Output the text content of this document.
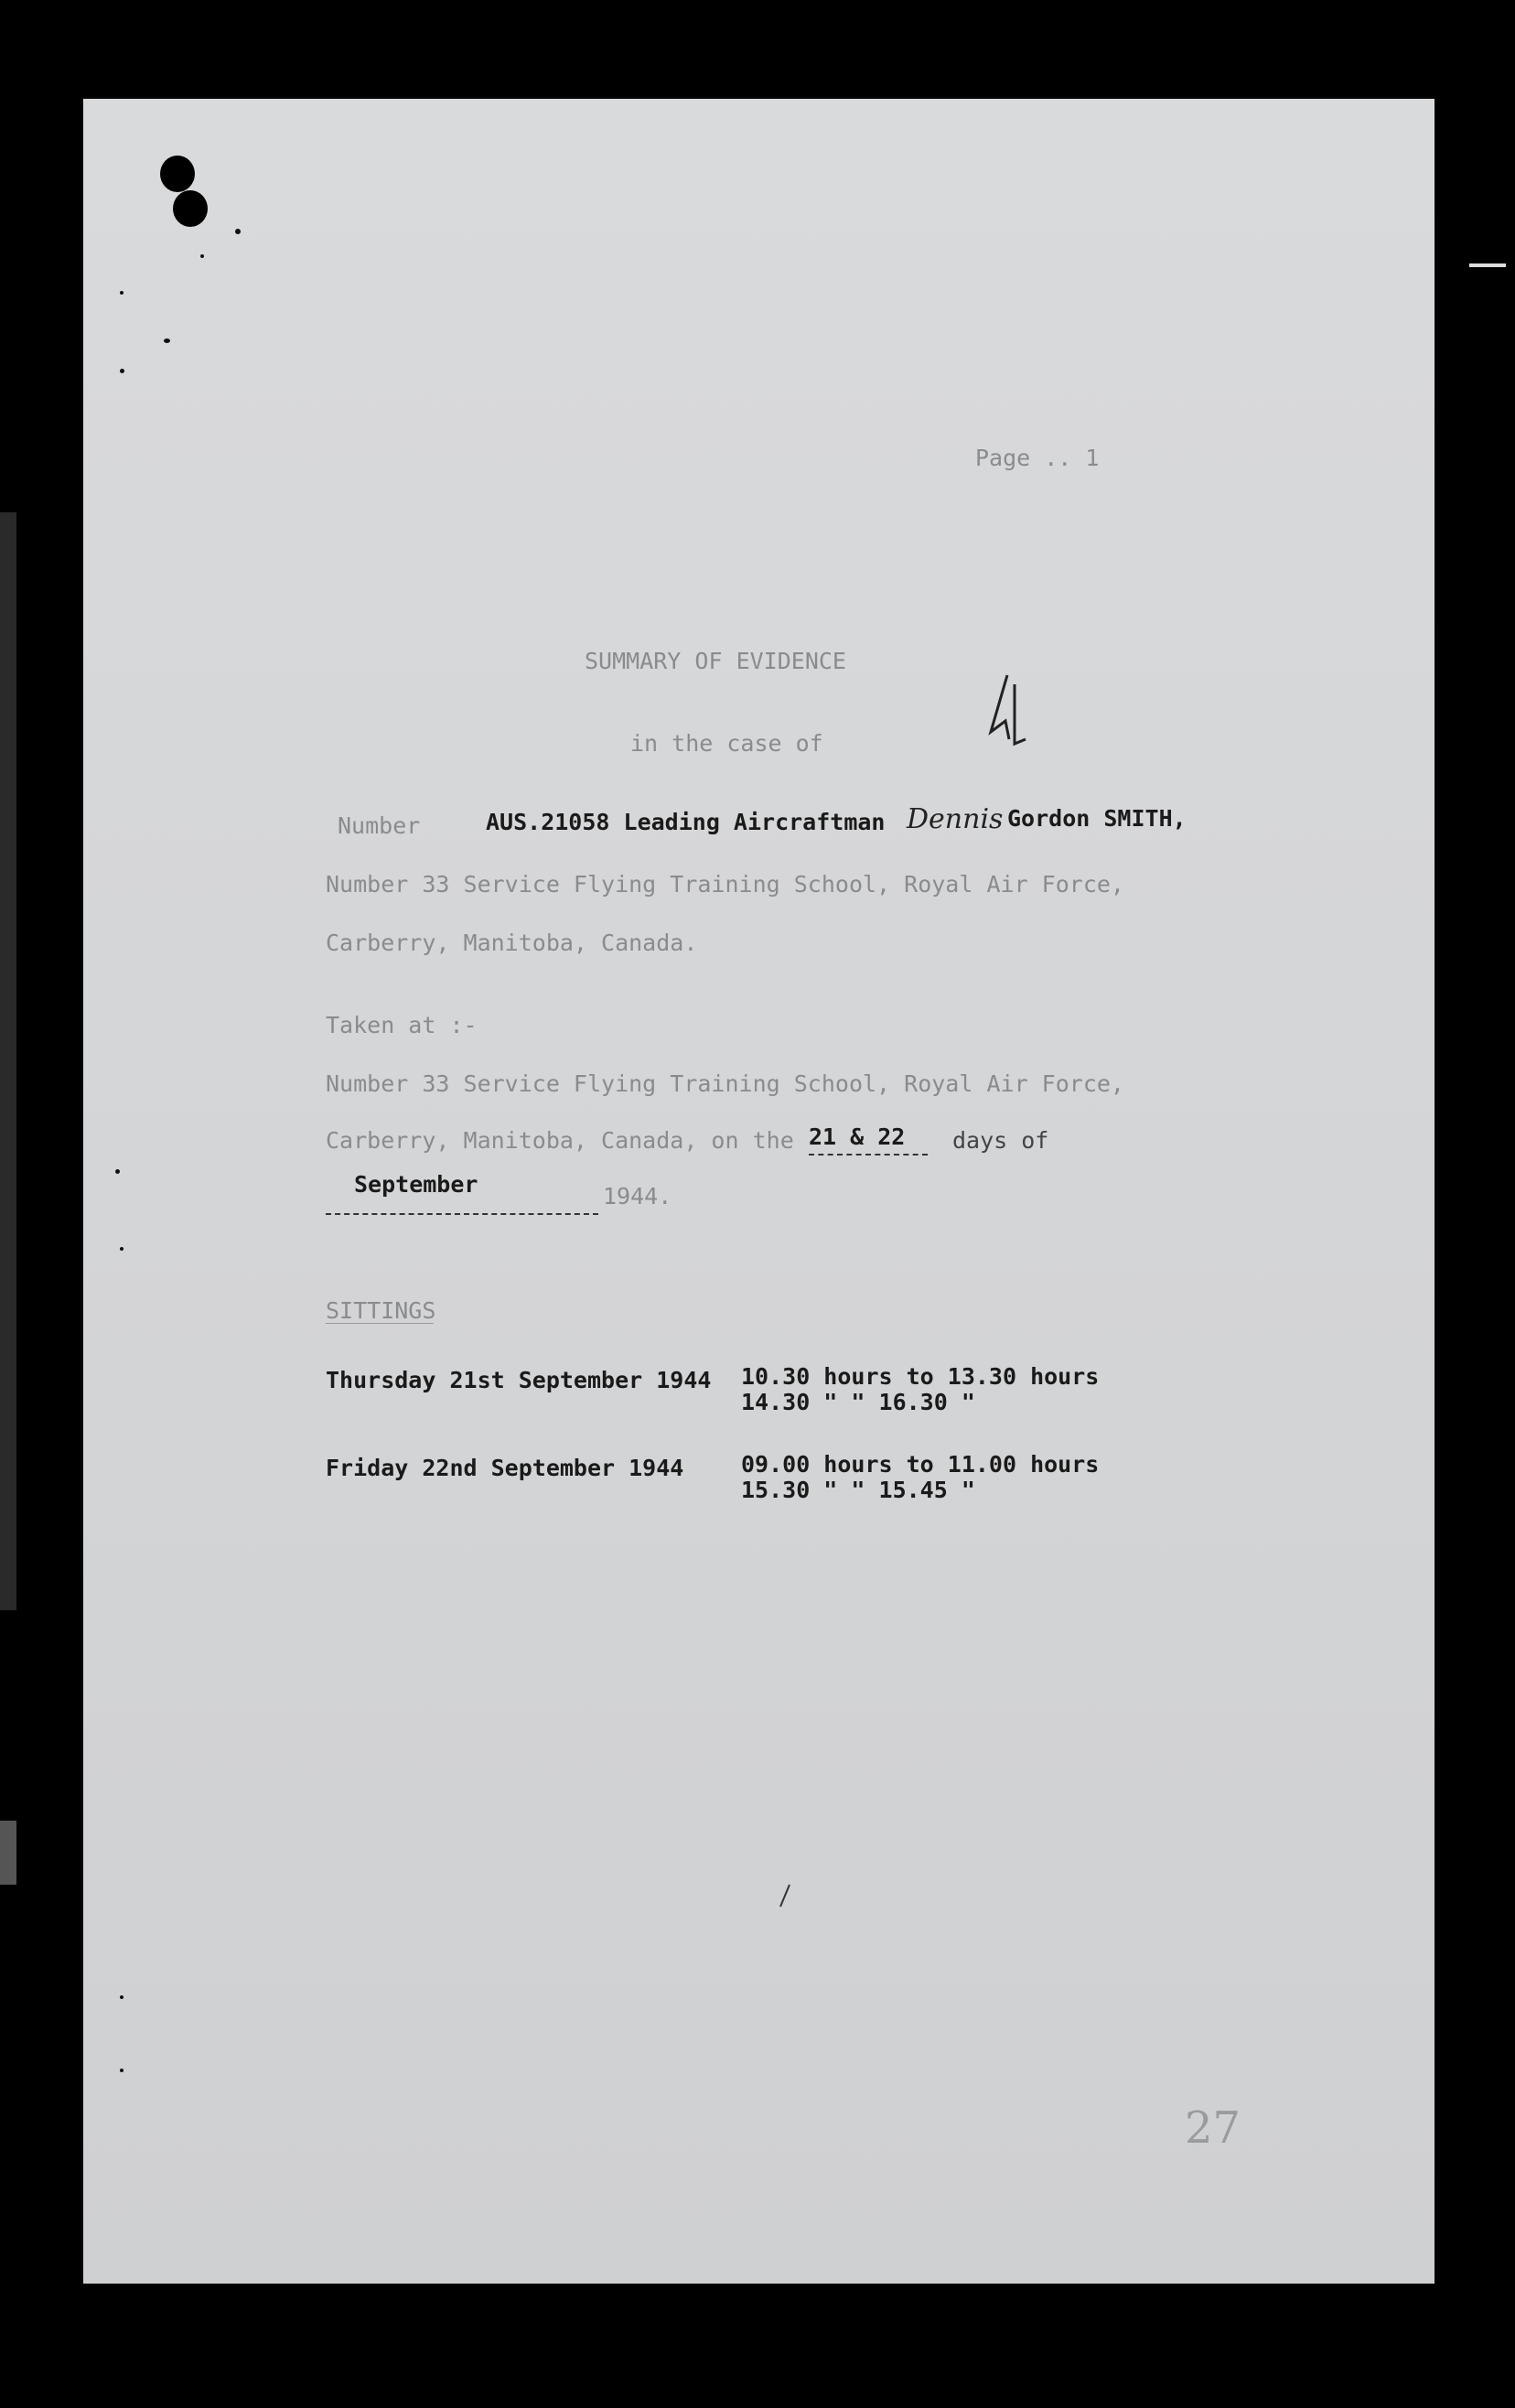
Page .. 1
SUMMARY OF EVIDENCE
in the case of
Number	AUS.21058 Leading Aircraftman Dennis Gordon SMITH,
Number 33 Service Flying Training School, Royal Air Force,
Carberry, Manitoba, Canada.
Taken at :-
Number 33 Service Flying Training School, Royal Air Force,
Carberry, Manitoba, Canada, on the 21 & 22 days of
September	1944.
SITTINGS
Thursday 21st September 1944 10.30 hours to 13.30 hours
14.30 " " 16.30 "
Friday 22nd September 1944	09.00 hours to 11.00 hours
15.30 " " 15.45 "
27
